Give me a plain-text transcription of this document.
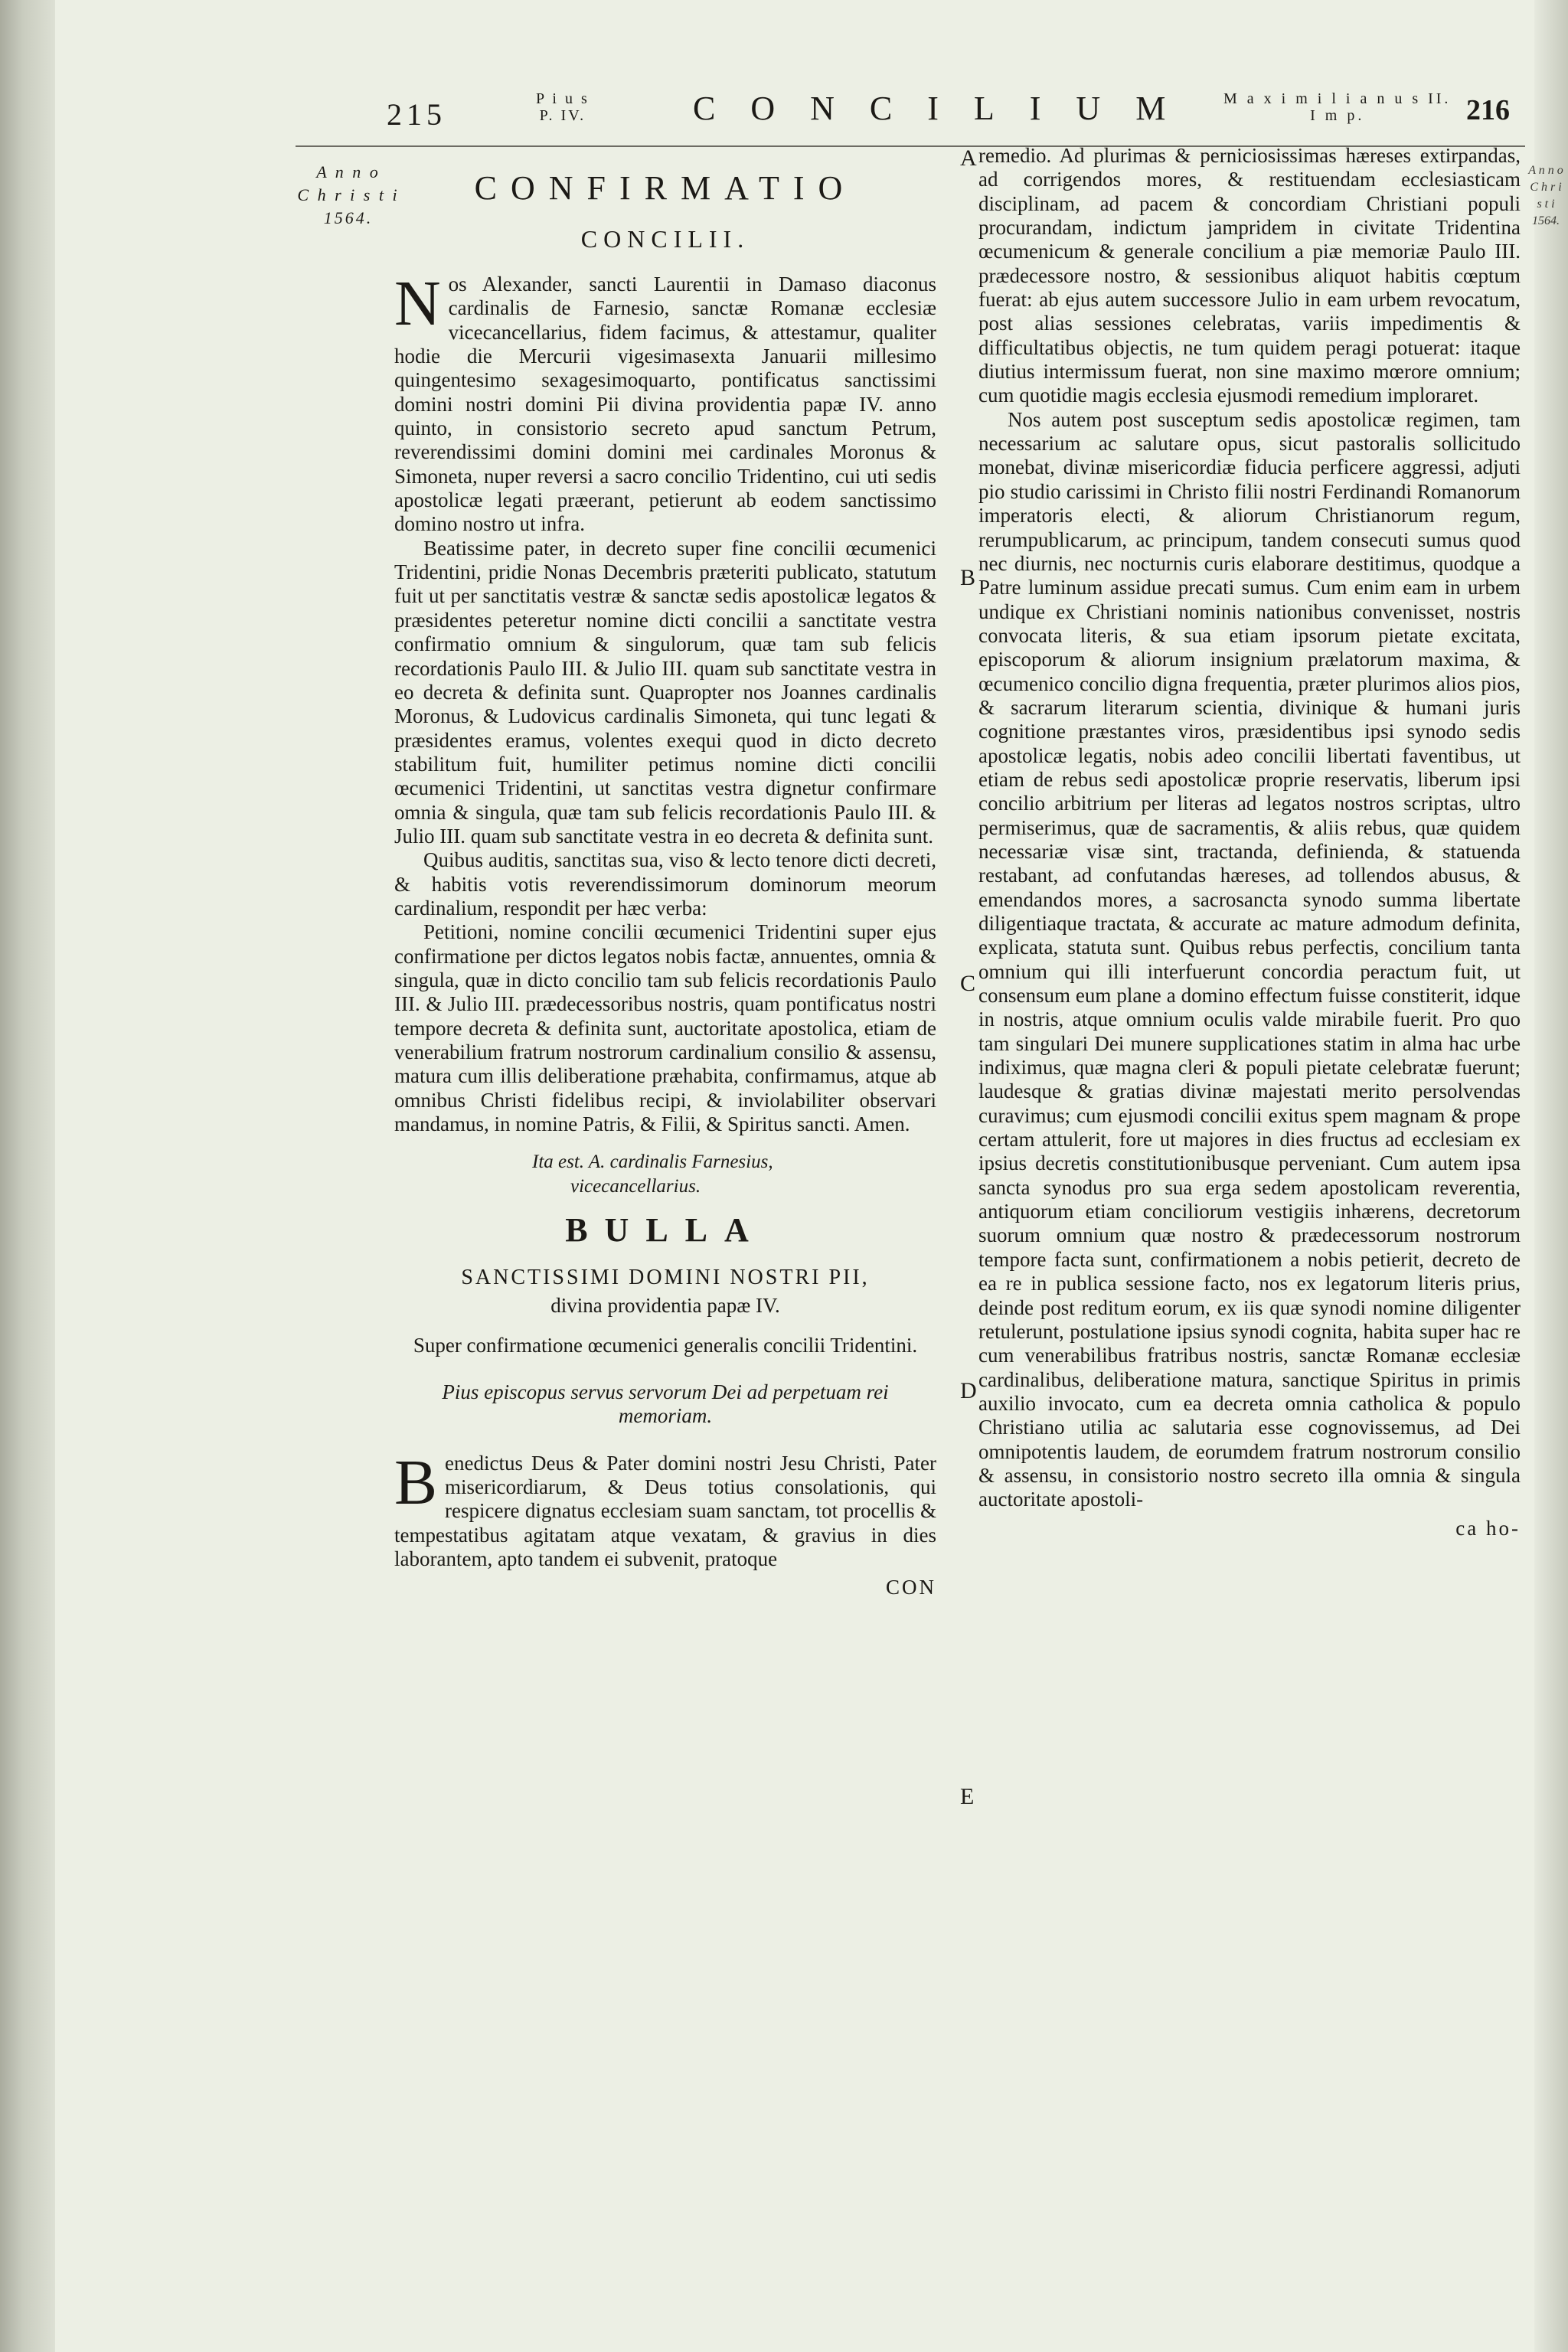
215	P i u s
P. IV.	CONCILIUM M a x i m i l i a n u s II.
I m p.	216
A n n o
C h r i s t i
1564.
A n n o
C h r i s t i
1564.
A
B
C
D
E

CONFIRMATIO

CONCILII.

Nos Alexander, sancti Laurentii in Damaso diaconus cardinalis de Farnesio, sanctæ Romanæ ecclesiæ vicecancellarius, fidem facimus, & attestamur, qualiter hodie die Mercurii vigesimasexta Januarii millesimo quingentesimo sexagesimoquarto, pontificatus sanctissimi domini nostri domini Pii divina providentia papæ IV. anno quinto, in consistorio secreto apud sanctum Petrum, reverendissimi domini domini mei cardinales Moronus & Simoneta, nuper reversi a sacro concilio Tridentino, cui uti sedis apostolicæ legati præerant, petierunt ab eodem sanctissimo domino nostro ut infra.

Beatissime pater, in decreto super fine concilii œcumenici Tridentini, pridie Nonas Decembris præteriti publicato, statutum fuit ut per sanctitatis vestræ & sanctæ sedis apostolicæ legatos & præsidentes peteretur nomine dicti concilii a sanctitate vestra confirmatio omnium & singulorum, quæ tam sub felicis recordationis Paulo III. & Julio III. quam sub sanctitate vestra in eo decreta & definita sunt. Quapropter nos Joannes cardinalis Moronus, & Ludovicus cardinalis Simoneta, qui tunc legati & præsidentes eramus, volentes exequi quod in dicto decreto stabilitum fuit, humiliter petimus nomine dicti concilii œcumenici Tridentini, ut sanctitas vestra dignetur confirmare omnia & singula, quæ tam sub felicis recordationis Paulo III. & Julio III. quam sub sanctitate vestra in eo decreta & definita sunt.

Quibus auditis, sanctitas sua, viso & lecto tenore dicti decreti, & habitis votis reverendissimorum dominorum meorum cardinalium, respondit per hæc verba:

Petitioni, nomine concilii œcumenici Tridentini super ejus confirmatione per dictos legatos nobis factæ, annuentes, omnia & singula, quæ in dicto concilio tam sub felicis recordationis Paulo III. & Julio III. prædecessoribus nostris, quam pontificatus nostri tempore decreta & definita sunt, auctoritate apostolica, etiam de venerabilium fratrum nostrorum cardinalium consilio & assensu, matura cum illis deliberatione præhabita, confirmamus, atque ab omnibus Christi fidelibus recipi, & inviolabiliter observari mandamus, in nomine Patris, & Filii, & Spiritus sancti. Amen.

Ita est. A. cardinalis Farnesius,

vicecancellarius.

BULLA

SANCTISSIMI DOMINI NOSTRI PII,

divina providentia papæ IV.

Super confirmatione œcumenici generalis concilii Tridentini.

Pius episcopus servus servorum Dei ad perpetuam rei memoriam.

Benedictus Deus & Pater domini nostri Jesu Christi, Pater misericordiarum, & Deus totius consolationis, qui respicere dignatus ecclesiam suam sanctam, tot procellis & tempestatibus agitatam atque vexatam, & gravius in dies laborantem, apto tandem ei subvenit, pratoque

CON

remedio. Ad plurimas & perniciosissimas hæreses extirpandas, ad corrigendos mores, & restituendam ecclesiasticam disciplinam, ad pacem & concordiam Christiani populi procurandam, indictum jampridem in civitate Tridentina œcumenicum & generale concilium a piæ memoriæ Paulo III. prædecessore nostro, & sessionibus aliquot habitis cœptum fuerat: ab ejus autem successore Julio in eam urbem revocatum, post alias sessiones celebratas, variis impedimentis & difficultatibus objectis, ne tum quidem peragi potuerat: itaque diutius intermissum fuerat, non sine maximo mœrore omnium; cum quotidie magis ecclesia ejusmodi remedium imploraret.

Nos autem post susceptum sedis apostolicæ regimen, tam necessarium ac salutare opus, sicut pastoralis sollicitudo monebat, divinæ misericordiæ fiducia perficere aggressi, adjuti pio studio carissimi in Christo filii nostri Ferdinandi Romanorum imperatoris electi, & aliorum Christianorum regum, rerumpublicarum, ac principum, tandem consecuti sumus quod nec diurnis, nec nocturnis curis elaborare destitimus, quodque a Patre luminum assidue precati sumus. Cum enim eam in urbem undique ex Christiani nominis nationibus convenisset, nostris convocata literis, & sua etiam ipsorum pietate excitata, episcoporum & aliorum insignium prælatorum maxima, & œcumenico concilio digna frequentia, præter plurimos alios pios, & sacrarum literarum scientia, divinique & humani juris cognitione præstantes viros, præsidentibus ipsi synodo sedis apostolicæ legatis, nobis adeo concilii libertati faventibus, ut etiam de rebus sedi apostolicæ proprie reservatis, liberum ipsi concilio arbitrium per literas ad legatos nostros scriptas, ultro permiserimus, quæ de sacramentis, & aliis rebus, quæ quidem necessariæ visæ sint, tractanda, definienda, & statuenda restabant, ad confutandas hæreses, ad tollendos abusus, & emendandos mores, a sacrosancta synodo summa libertate diligentiaque tractata, & accurate ac mature admodum definita, explicata, statuta sunt. Quibus rebus perfectis, concilium tanta omnium qui illi interfuerunt concordia peractum fuit, ut consensum eum plane a domino effectum fuisse constiterit, idque in nostris, atque omnium oculis valde mirabile fuerit. Pro quo tam singulari Dei munere supplicationes statim in alma hac urbe indiximus, quæ magna cleri & populi pietate celebratæ fuerunt; laudesque & gratias divinæ majestati merito persolvendas curavimus; cum ejusmodi concilii exitus spem magnam & prope certam attulerit, fore ut majores in dies fructus ad ecclesiam ex ipsius decretis constitutionibusque perveniant. Cum autem ipsa sancta synodus pro sua erga sedem apostolicam reverentia, antiquorum etiam conciliorum vestigiis inhærens, decretorum suorum omnium quæ nostro & prædecessorum nostrorum tempore facta sunt, confirmationem a nobis petierit, decreto de ea re in publica sessione facto, nos ex legatorum literis prius, deinde post reditum eorum, ex iis quæ synodi nomine diligenter retulerunt, postulatione ipsius synodi cognita, habita super hac re cum venerabilibus fratribus nostris, sanctæ Romanæ ecclesiæ cardinalibus, deliberatione matura, sanctique Spiritus in primis auxilio invocato, cum ea decreta omnia catholica & populo Christiano utilia ac salutaria esse cognovissemus, ad Dei omnipotentis laudem, de eorumdem fratrum nostrorum consilio & assensu, in consistorio nostro secreto illa omnia & singula auctoritate apostoli-

ca ho-
